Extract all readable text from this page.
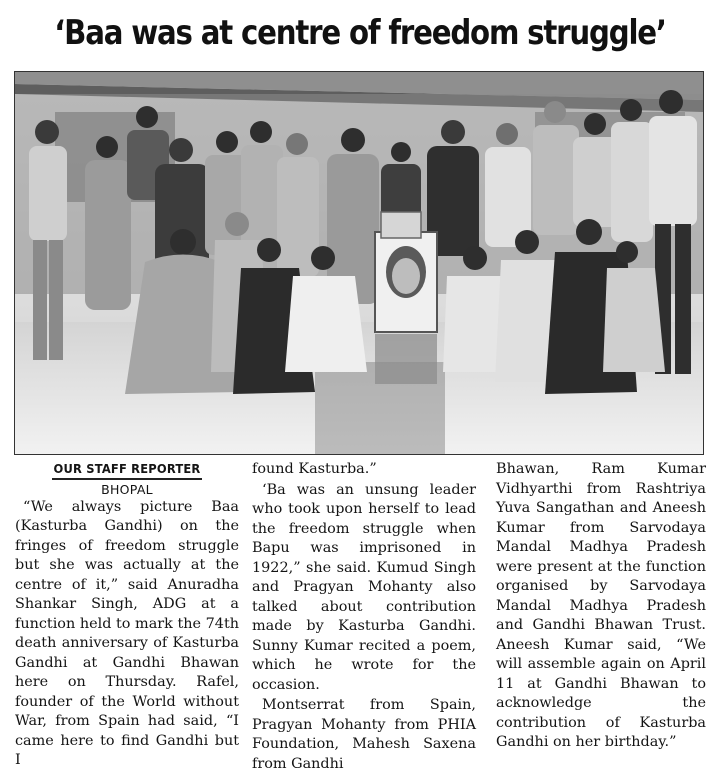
‘Baa was at centre of freedom struggle’
OUR STAFF REPORTER
BHOPAL

“We always picture Baa (Kasturba Gandhi) on the fringes of freedom struggle but she was actually at the centre of it,” said Anuradha Shankar Singh, ADG at a function held to mark the 74th death anniversary of Kasturba Gandhi at Gandhi Bhawan here on Thursday. Rafel, founder of the World without War, from Spain had said, “I came here to find Gandhi but I

found Kasturba.”

‘Ba was an unsung leader who took upon herself to lead the freedom struggle when Bapu was imprisoned in 1922,” she said. Kumud Singh and Pragyan Mohanty also talked about contribution made by Kasturba Gandhi. Sunny Kumar recited a poem, which he wrote for the occasion.

Montserrat from Spain, Pragyan Mohanty from PHIA Foundation, Mahesh Saxena from Gandhi

Bhawan, Ram Kumar Vidhyarthi from Rashtriya Yuva Sangathan and Aneesh Kumar from Sarvodaya Mandal Madhya Pradesh were present at the function organised by Sarvodaya Mandal Madhya Pradesh and Gandhi Bhawan Trust. Aneesh Kumar said, “We will assemble again on April 11 at Gandhi Bhawan to acknowledge the contribution of Kasturba Gandhi on her birthday.”
